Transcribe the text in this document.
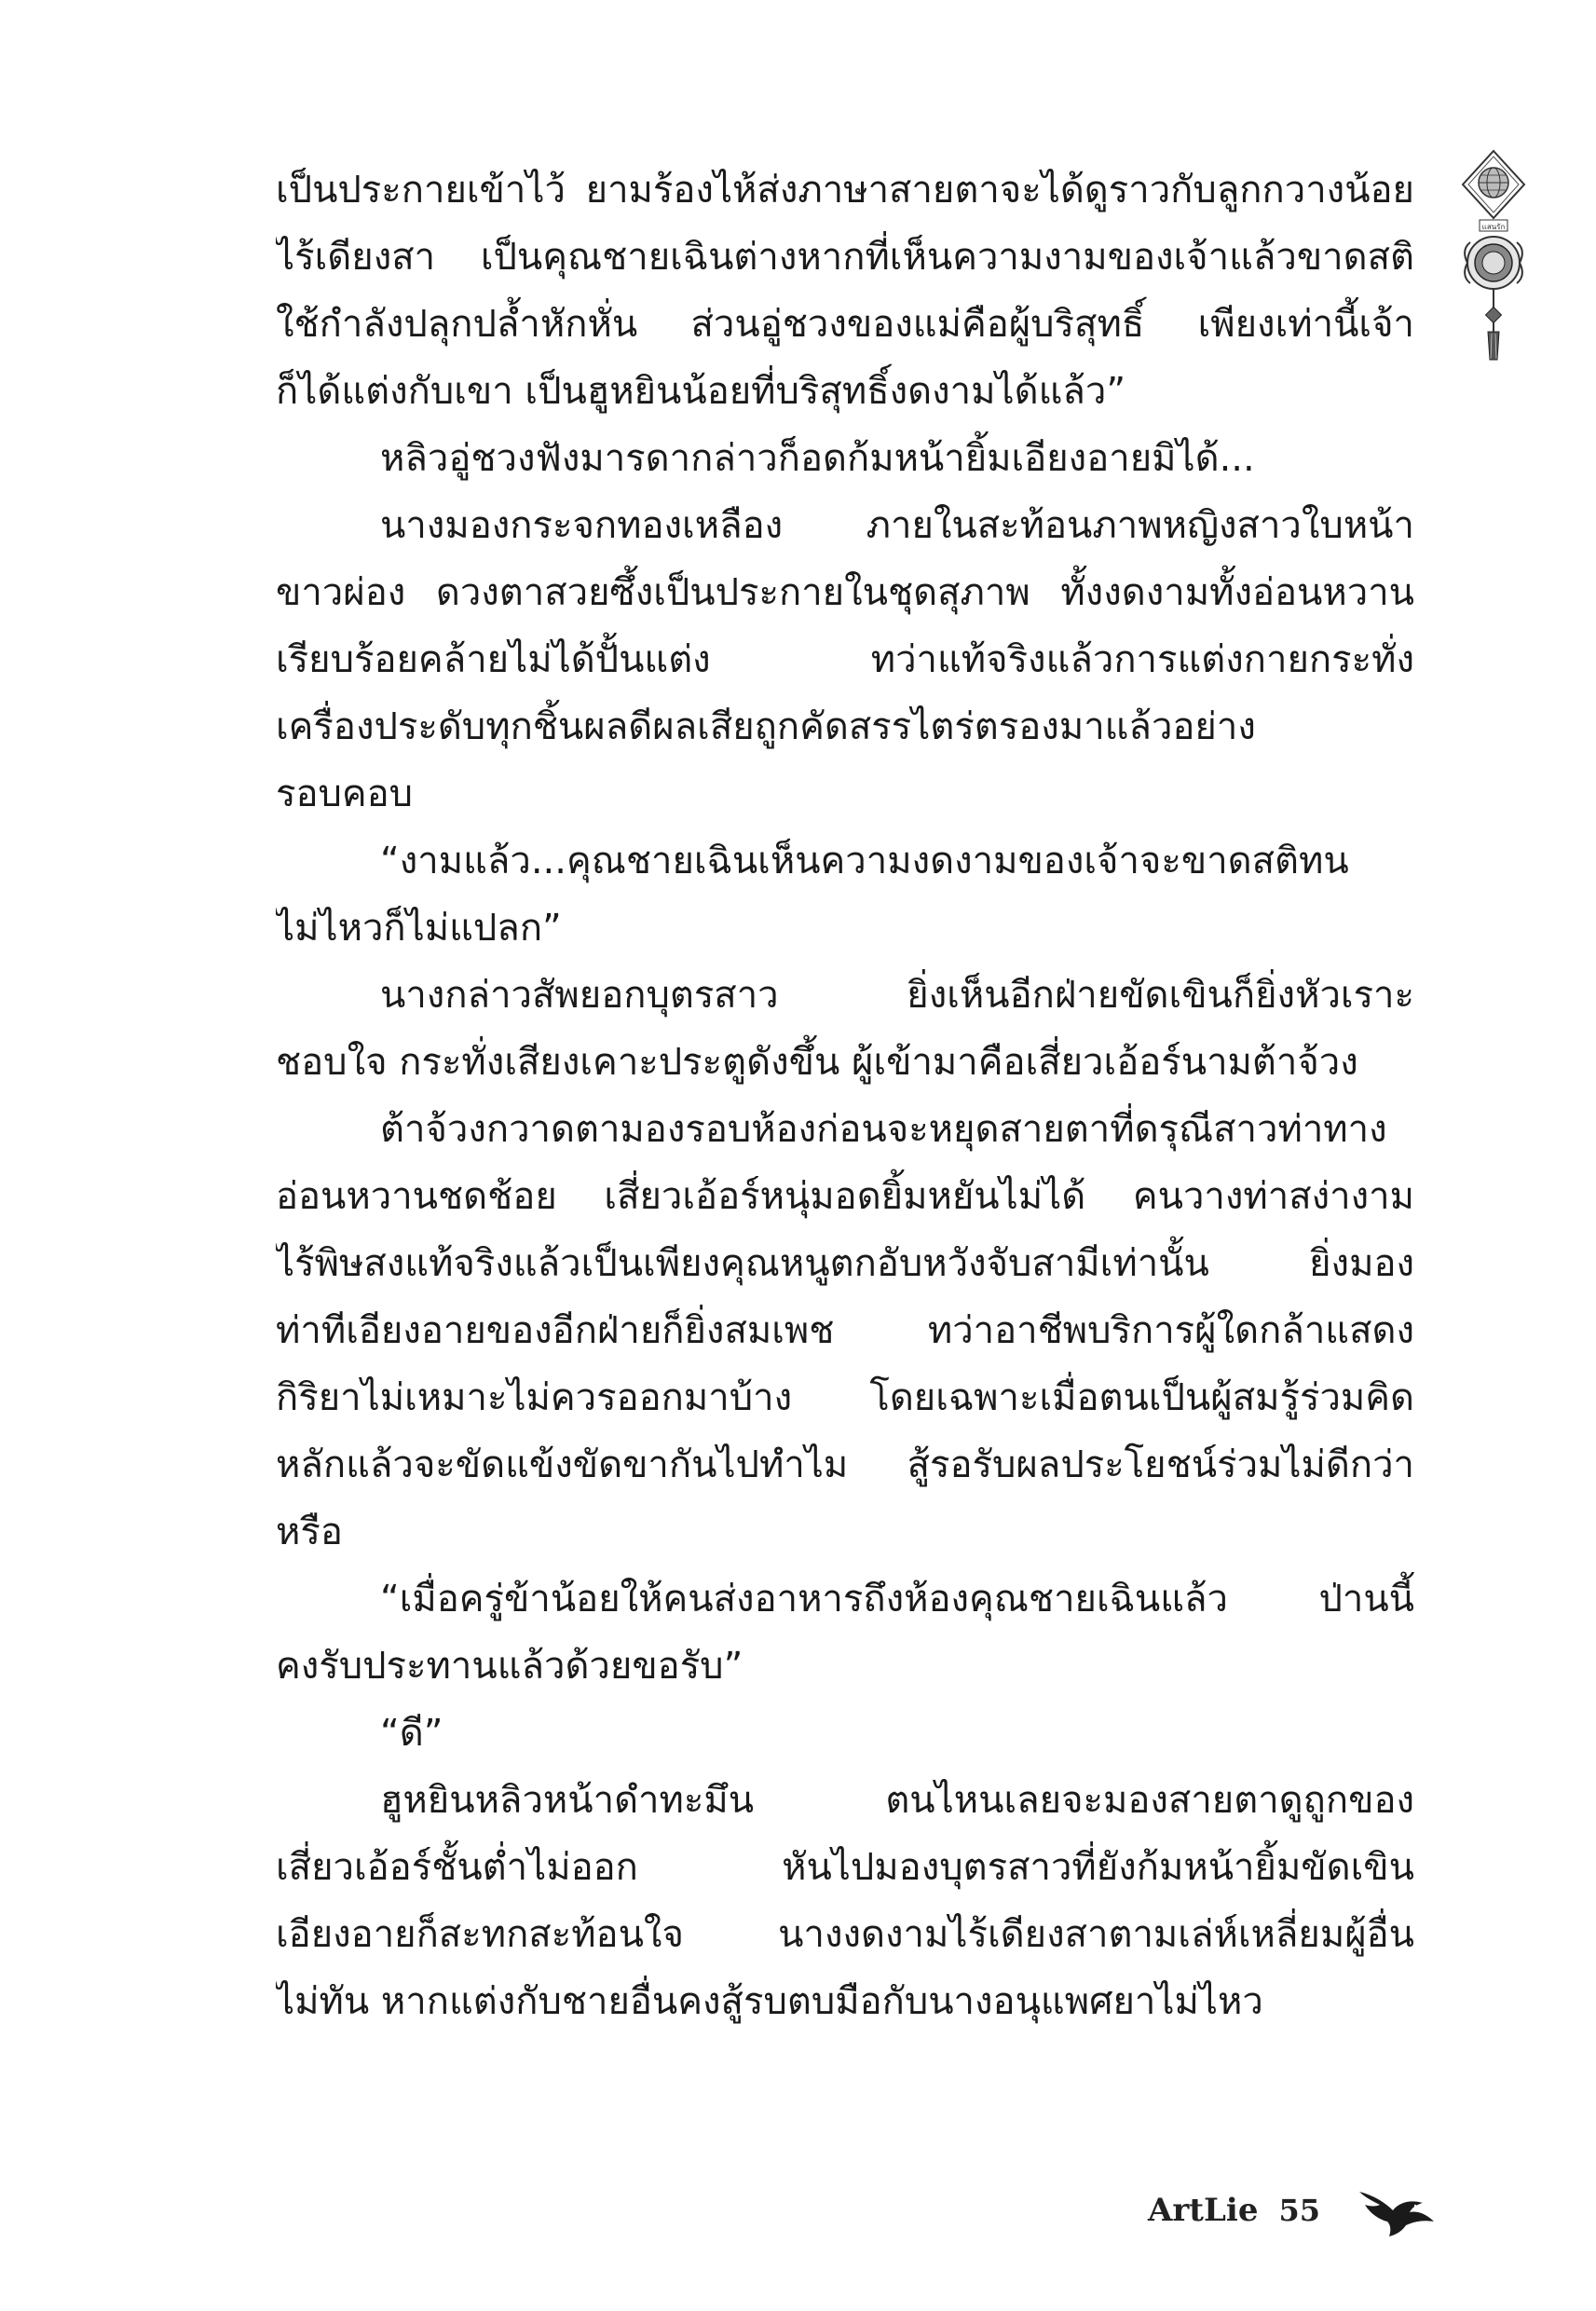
เป็นประกายเข้าไว้ ยามร้องไห้ส่งภาษาสายตาจะได้ดูราวกับลูกกวางน้อย
ไร้เดียงสา เป็นคุณชายเฉินต่างหากที่เห็นความงามของเจ้าแล้วขาดสติ
ใช้กำลังปลุกปล้ำหักหั่น ส่วนอู่ชวงของแม่คือผู้บริสุทธิ์ เพียงเท่านี้เจ้า
ก็ได้แต่งกับเขา เป็นฮูหยินน้อยที่บริสุทธิ์งดงามได้แล้ว”
หลิวอู่ชวงฟังมารดากล่าวก็อดก้มหน้ายิ้มเอียงอายมิได้...
นางมองกระจกทองเหลือง ภายในสะท้อนภาพหญิงสาวใบหน้า
ขาวผ่อง ดวงตาสวยซึ้งเป็นประกายในชุดสุภาพ ทั้งงดงามทั้งอ่อนหวาน
เรียบร้อยคล้ายไม่ได้ปั้นแต่ง ทว่าแท้จริงแล้วการแต่งกายกระทั่ง
เครื่องประดับทุกชิ้นผลดีผลเสียถูกคัดสรรไตร่ตรองมาแล้วอย่าง
รอบคอบ
“งามแล้ว...คุณชายเฉินเห็นความงดงามของเจ้าจะขาดสติทน
ไม่ไหวก็ไม่แปลก”
นางกล่าวสัพยอกบุตรสาว ยิ่งเห็นอีกฝ่ายขัดเขินก็ยิ่งหัวเราะ
ชอบใจ กระทั่งเสียงเคาะประตูดังขึ้น ผู้เข้ามาคือเสี่ยวเอ้อร์นามต้าจ้วง
ต้าจ้วงกวาดตามองรอบห้องก่อนจะหยุดสายตาที่ดรุณีสาวท่าทาง
อ่อนหวานชดช้อย เสี่ยวเอ้อร์หนุ่มอดยิ้มหยันไม่ได้ คนวางท่าสง่างาม
ไร้พิษสงแท้จริงแล้วเป็นเพียงคุณหนูตกอับหวังจับสามีเท่านั้น ยิ่งมอง
ท่าทีเอียงอายของอีกฝ่ายก็ยิ่งสมเพช ทว่าอาชีพบริการผู้ใดกล้าแสดง
กิริยาไม่เหมาะไม่ควรออกมาบ้าง โดยเฉพาะเมื่อตนเป็นผู้สมรู้ร่วมคิด
หลักแล้วจะขัดแข้งขัดขากันไปทำไม สู้รอรับผลประโยชน์ร่วมไม่ดีกว่า
หรือ
“เมื่อครู่ข้าน้อยให้คนส่งอาหารถึงห้องคุณชายเฉินแล้ว ป่านนี้
คงรับประทานแล้วด้วยขอรับ”
“ดี”
ฮูหยินหลิวหน้าดำทะมึน ตนไหนเลยจะมองสายตาดูถูกของ
เสี่ยวเอ้อร์ชั้นต่ำไม่ออก หันไปมองบุตรสาวที่ยังก้มหน้ายิ้มขัดเขิน
เอียงอายก็สะทกสะท้อนใจ นางงดงามไร้เดียงสาตามเล่ห์เหลี่ยมผู้อื่น
ไม่ทัน หากแต่งกับชายอื่นคงสู้รบตบมือกับนางอนุแพศยาไม่ไหว
แสนรัก
ArtLie 55
